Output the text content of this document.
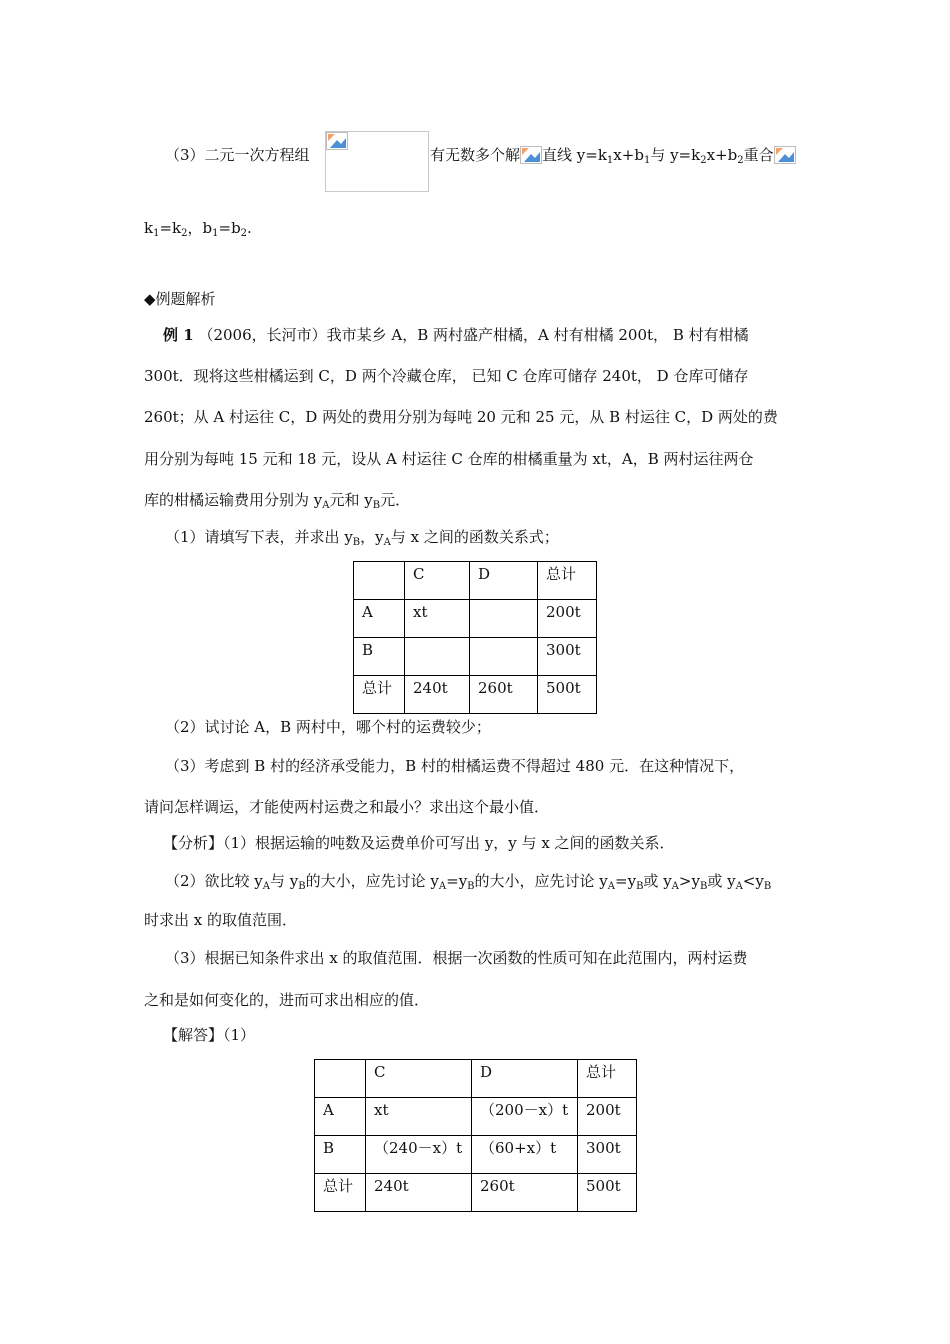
（3）二元一次方程组	有无数多个解 直线 $y=k_1x+b_1$与 $y=k_2x+b_2$重合
$k_1=k_2$，$b_1=b_2$.
◆例题解析
例 1 （2006，长河市）我市某乡 A，B 两村盛产柑橘，A 村有柑橘 200t， B 村有柑橘
300t．现将这些柑橘运到 C，D 两个冷藏仓库， 已知 C 仓库可储存 240t， D 仓库可储存
260t；从 A 村运往 C，D 两处的费用分别为每吨 20 元和 25 元，从 B 村运往 C，D 两处的费
用分别为每吨 15 元和 18 元，设从 A 村运往 C 仓库的柑橘重量为 xt，A，B 两村运往两仓
库的柑橘运输费用分别为 $y_A$元和 $y_B$元．
（1）请填写下表，并求出 $y_B$，$y_A$与 x 之间的函数关系式；
	C	D	总计
A	xt		200t
B			300t
总计	240t	260t	500t
（2）试讨论 A，B 两村中，哪个村的运费较少；
（3）考虑到 B 村的经济承受能力，B 村的柑橘运费不得超过 480 元．在这种情况下，
请问怎样调运，才能使两村运费之和最小？求出这个最小值．
【分析】（1）根据运输的吨数及运费单价可写出 y，y 与 x 之间的函数关系．
（2）欲比较 $y_A$与 $y_B$的大小，应先讨论 $y_A=y_B$的大小，应先讨论 $y_A=y_B$或 $y_A>y_B$或 $y_A<y_B$
时求出 x 的取值范围．
（3）根据已知条件求出 x 的取值范围．根据一次函数的性质可知在此范围内，两村运费
之和是如何变化的，进而可求出相应的值．
【解答】（1）
	C	D	总计
A	xt	（200－x）t	200t
B	（240－x）t	（60+x）t	300t
总计	240t	260t	500t
